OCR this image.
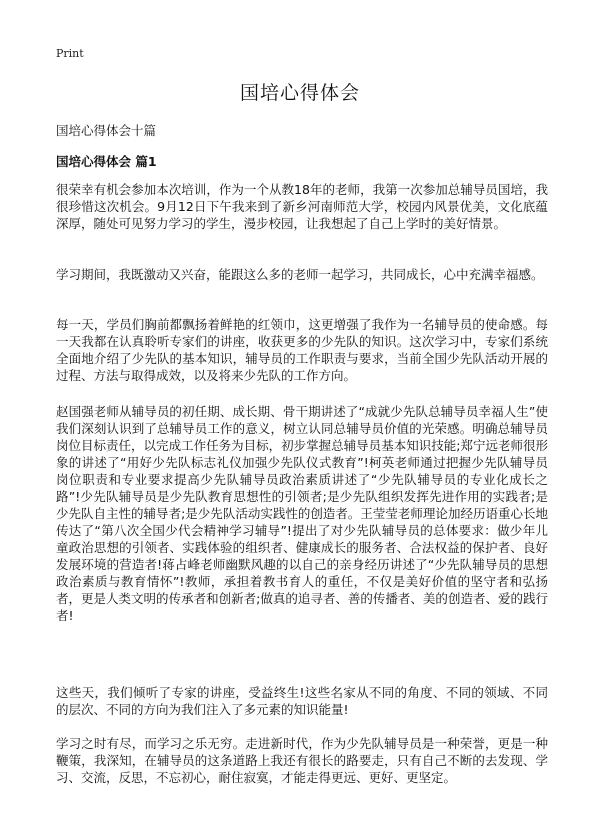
Print
国培心得体会

国培心得体会十篇

国培心得体会 篇1

很荣幸有机会参加本次培训，作为一个从教18年的老师，我第一次参加总辅导员国培，我很珍惜这次机会。9月12日下午我来到了新乡河南师范大学，校园内风景优美，文化底蕴深厚，随处可见努力学习的学生，漫步校园，让我想起了自己上学时的美好情景。

学习期间，我既激动又兴奋，能跟这么多的老师一起学习，共同成长，心中充满幸福感。

每一天，学员们胸前都飘扬着鲜艳的红领巾，这更增强了我作为一名辅导员的使命感。每一天我都在认真聆听专家们的讲座，收获更多的少先队的知识。这次学习中，专家们系统全面地介绍了少先队的基本知识，辅导员的工作职责与要求，当前全国少先队活动开展的过程、方法与取得成效，以及将来少先队的工作方向。

赵国强老师从辅导员的初任期、成长期、骨干期讲述了“成就少先队总辅导员幸福人生”使我们深刻认识到了总辅导员工作的意义，树立认同总辅导员价值的光荣感。明确总辅导员岗位目标责任，以完成工作任务为目标，初步掌握总辅导员基本知识技能;郑宁远老师很形象的讲述了“用好少先队标志礼仪加强少先队仪式教育”!柯英老师通过把握少先队辅导员岗位职责和专业要求提高少先队辅导员政治素质讲述了“少先队辅导员的专业化成长之路”!少先队辅导员是少先队教育思想性的引领者;是少先队组织发挥先进作用的实践者;是少先队自主性的辅导者;是少先队活动实践性的创造者。王莹莹老师理论加经历语重心长地传达了“第八次全国少代会精神学习辅导”!提出了对少先队辅导员的总体要求：做少年儿童政治思想的引领者、实践体验的组织者、健康成长的服务者、合法权益的保护者、良好发展环境的营造者!蒋占峰老师幽默风趣的以自己的亲身经历讲述了“少先队辅导员的思想政治素质与教育情怀”!教师，承担着教书育人的重任，不仅是美好价值的坚守者和弘扬者，更是人类文明的传承者和创新者;做真的追寻者、善的传播者、美的创造者、爱的践行者!

这些天，我们倾听了专家的讲座，受益终生!这些名家从不同的角度、不同的领域、不同的层次、不同的方向为我们注入了多元素的知识能量!

学习之时有尽，而学习之乐无穷。走进新时代，作为少先队辅导员是一种荣誉，更是一种鞭策，我深知，在辅导员的这条道路上我还有很长的路要走，只有自己不断的去发现、学习、交流，反思，不忘初心，耐住寂寞，才能走得更远、更好、更坚定。
